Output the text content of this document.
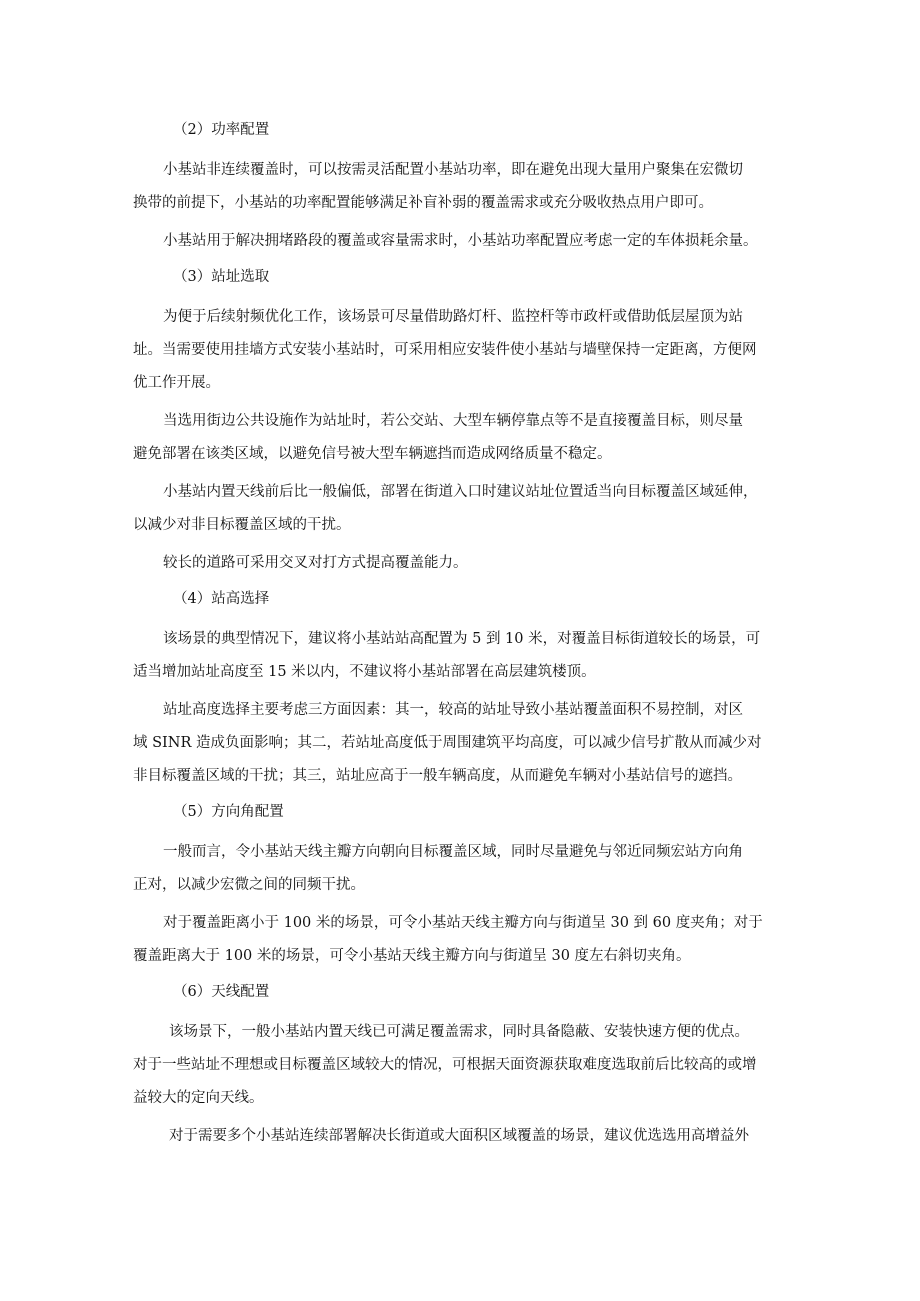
（2）功率配置
小基站非连续覆盖时，可以按需灵活配置小基站功率，即在避免出现大量用户聚集在宏微切
换带的前提下，小基站的功率配置能够满足补盲补弱的覆盖需求或充分吸收热点用户即可。
小基站用于解决拥堵路段的覆盖或容量需求时，小基站功率配置应考虑一定的车体损耗余量。
（3）站址选取
为便于后续射频优化工作，该场景可尽量借助路灯杆、监控杆等市政杆或借助低层屋顶为站
址。当需要使用挂墙方式安装小基站时，可采用相应安装件使小基站与墙壁保持一定距离，方便网
优工作开展。
当选用街边公共设施作为站址时，若公交站、大型车辆停靠点等不是直接覆盖目标，则尽量
避免部署在该类区域，以避免信号被大型车辆遮挡而造成网络质量不稳定。
小基站内置天线前后比一般偏低，部署在街道入口时建议站址位置适当向目标覆盖区域延伸，
以减少对非目标覆盖区域的干扰。
较长的道路可采用交叉对打方式提高覆盖能力。
（4）站高选择
该场景的典型情况下，建议将小基站站高配置为 5 到 10 米，对覆盖目标街道较长的场景，可
适当增加站址高度至 15 米以内，不建议将小基站部署在高层建筑楼顶。
站址高度选择主要考虑三方面因素：其一，较高的站址导致小基站覆盖面积不易控制，对区
域 SINR 造成负面影响；其二，若站址高度低于周围建筑平均高度，可以减少信号扩散从而减少对
非目标覆盖区域的干扰；其三，站址应高于一般车辆高度，从而避免车辆对小基站信号的遮挡。
（5）方向角配置
一般而言，令小基站天线主瓣方向朝向目标覆盖区域，同时尽量避免与邻近同频宏站方向角
正对，以减少宏微之间的同频干扰。
对于覆盖距离小于 100 米的场景，可令小基站天线主瓣方向与街道呈 30 到 60 度夹角；对于
覆盖距离大于 100 米的场景，可令小基站天线主瓣方向与街道呈 30 度左右斜切夹角。
（6）天线配置
该场景下，一般小基站内置天线已可满足覆盖需求，同时具备隐蔽、安装快速方便的优点。
对于一些站址不理想或目标覆盖区域较大的情况，可根据天面资源获取难度选取前后比较高的或增
益较大的定向天线。
对于需要多个小基站连续部署解决长街道或大面积区域覆盖的场景，建议优选选用高增益外
